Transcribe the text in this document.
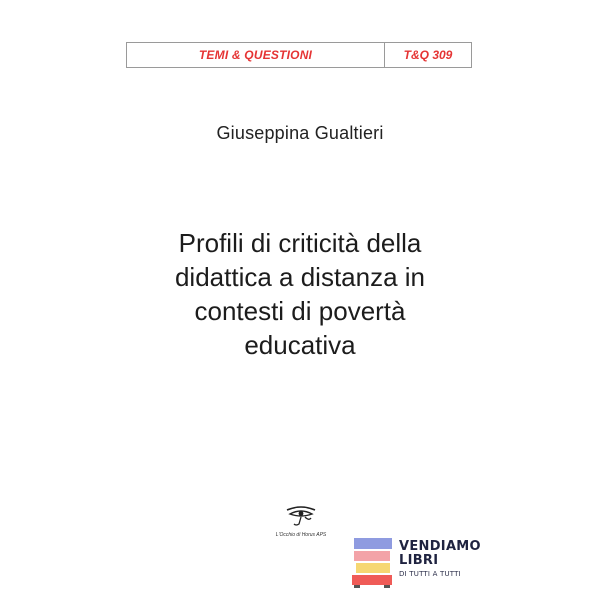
TEMI & QUESTIONI	T&Q 309
Giuseppina Gualtieri
Profili di criticità della
didattica a distanza in
contesti di povertà
educativa
L'Occhio di Horus APS
VENDIAMO
LIBRI
DI TUTTI A TUTTI
